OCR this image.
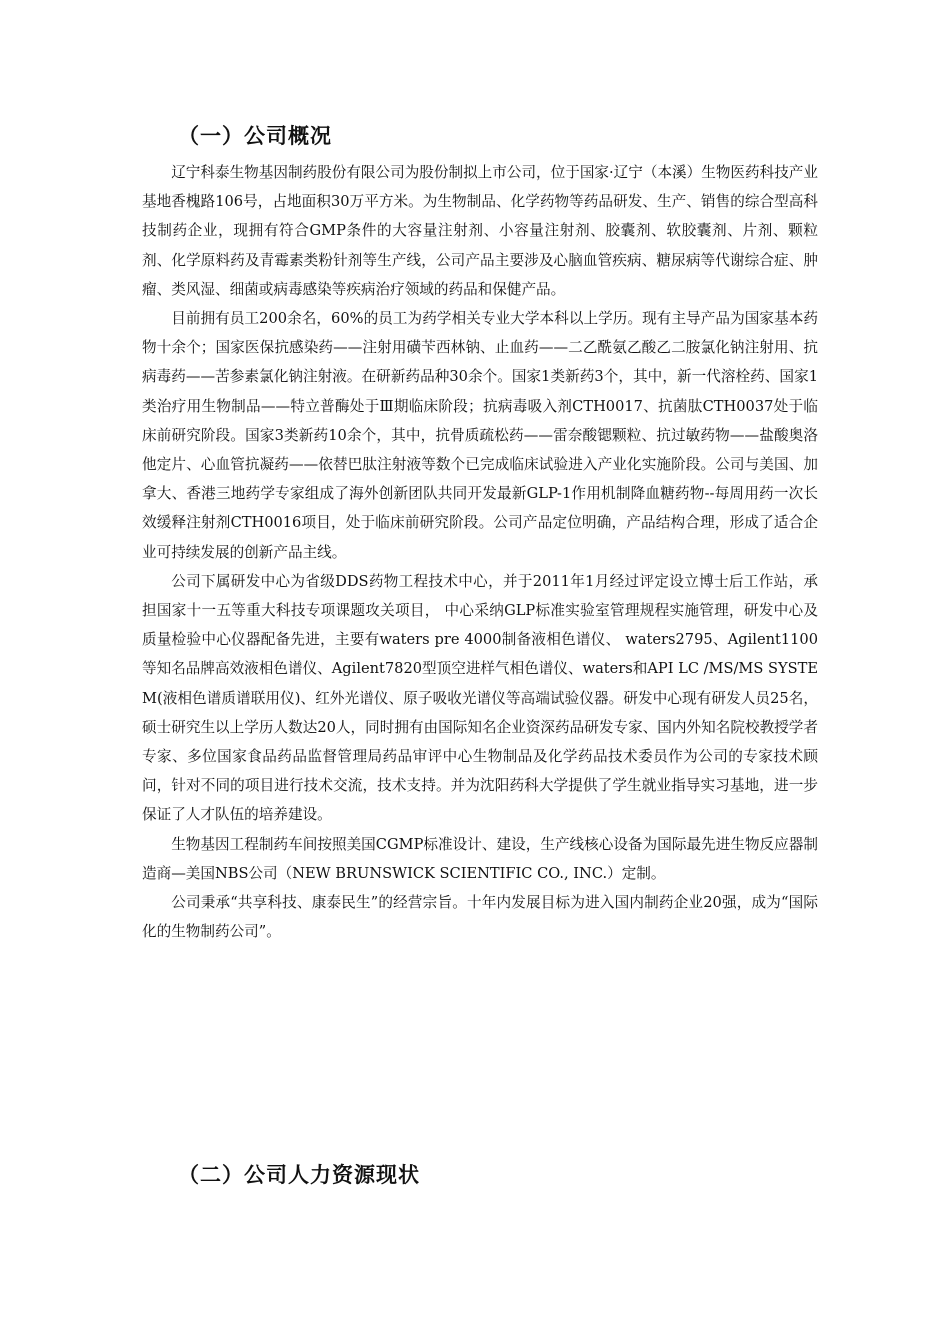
（一）公司概况

辽宁科泰生物基因制药股份有限公司为股份制拟上市公司，位于国家·辽宁（本溪）生物医药科技产业基地香槐路106号，占地面积30万平方米。为生物制品、化学药物等药品研发、生产、销售的综合型高科技制药企业，现拥有符合GMP条件的大容量注射剂、小容量注射剂、胶囊剂、软胶囊剂、片剂、颗粒剂、化学原料药及青霉素类粉针剂等生产线，公司产品主要涉及心脑血管疾病、糖尿病等代谢综合症、肿瘤、类风湿、细菌或病毒感染等疾病治疗领域的药品和保健产品。

目前拥有员工200余名，60%的员工为药学相关专业大学本科以上学历。现有主导产品为国家基本药物十余个；国家医保抗感染药——注射用磺苄西林钠、止血药——二乙酰氨乙酸乙二胺氯化钠注射用、抗病毒药——苦参素氯化钠注射液。在研新药品种30余个。国家1类新药3个，其中，新一代溶栓药、国家1类治疗用生物制品——特立普酶处于Ⅲ期临床阶段；抗病毒吸入剂CTH0017、抗菌肽CTH0037处于临床前研究阶段。国家3类新药10余个，其中，抗骨质疏松药——雷奈酸锶颗粒、抗过敏药物——盐酸奥洛他定片、心血管抗凝药——依替巴肽注射液等数个已完成临床试验进入产业化实施阶段。公司与美国、加拿大、香港三地药学专家组成了海外创新团队共同开发最新GLP-1作用机制降血糖药物--每周用药一次长效缓释注射剂CTH0016项目，处于临床前研究阶段。公司产品定位明确，产品结构合理，形成了适合企业可持续发展的创新产品主线。

公司下属研发中心为省级DDS药物工程技术中心，并于2011年1月经过评定设立博士后工作站，承担国家十一五等重大科技专项课题攻关项目， 中心采纳GLP标准实验室管理规程实施管理，研发中心及质量检验中心仪器配备先进，主要有waters pre 4000制备液相色谱仪、 waters2795、Agilent1100等知名品牌高效液相色谱仪、Agilent7820型顶空进样气相色谱仪、waters和API LC /MS/MS SYSTEM(液相色谱质谱联用仪)、红外光谱仪、原子吸收光谱仪等高端试验仪器。研发中心现有研发人员25名，硕士研究生以上学历人数达20人，同时拥有由国际知名企业资深药品研发专家、国内外知名院校教授学者专家、多位国家食品药品监督管理局药品审评中心生物制品及化学药品技术委员作为公司的专家技术顾问，针对不同的项目进行技术交流，技术支持。并为沈阳药科大学提供了学生就业指导实习基地，进一步保证了人才队伍的培养建设。

生物基因工程制药车间按照美国CGMP标准设计、建设，生产线核心设备为国际最先进生物反应器制造商—美国NBS公司（NEW BRUNSWICK SCIENTIFIC CO., INC.）定制。

公司秉承“共享科技、康泰民生”的经营宗旨。十年内发展目标为进入国内制药企业20强，成为“国际化的生物制药公司”。

（二）公司人力资源现状
